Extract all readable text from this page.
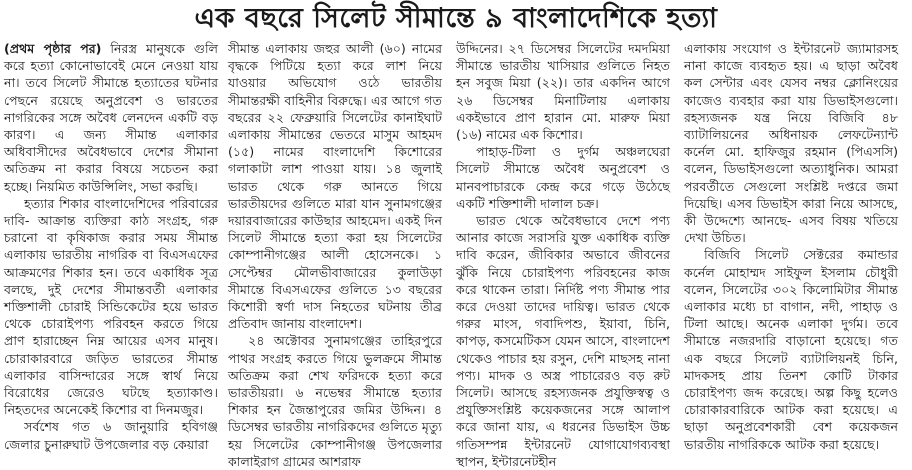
এক বছরে সিলেট সীমান্তে ৯ বাংলাদেশিকে হত্যা

(প্রথম পৃষ্ঠার পর) নিরস্ত্র মানুষকে গুলি করে হত্যা কোনোভাবেই মেনে নেওয়া যায় না। তবে সিলেট সীমান্তে হত্যাতের ঘটনার পেছনে রয়েছে অনুপ্রবেশ ও ভারতের নাগরিকের সঙ্গে অবৈধ লেনদেন একটি বড় কারণ। এ জন্য সীমান্ত এলাকার অধিবাসীদের অবৈধভাবে দেশের সীমানা অতিক্রম না করার বিষয়ে সচেতন করা হচ্ছে। নিয়মিত কাউন্সিলিং, সভা করছি।

হত্যার শিকার বাংলাদেশিদের পরিবারের দাবি- আক্রান্ত ব্যক্তিরা কাঠ সংগ্রহ, গরু চরানো বা কৃষিকাজ করার সময় সীমান্ত এলাকায় ভারতীয় নাগরিক বা বিএসএফের আক্রমণের শিকার হন। তবে একাধিক সূত্র বলছে, দুই দেশের সীমান্তবর্তী এলাকার শক্তিশালী চোরাই সিন্ডিকেটের হয়ে ভারত থেকে চোরাইপণ্য পরিবহন করতে গিয়ে প্রাণ হারাচ্ছেন নিম্ন আয়ের এসব মানুষ। চোরাকারবারে জড়িত ভারতের সীমান্ত এলাকার বাসিন্দারের সঙ্গে স্বার্থ নিয়ে বিরোধের জেরেও ঘটছে হত্যাকাণ্ড। নিহতদের অনেকেই কিশোর বা দিনমজুর।

সর্বশেষ গত ৬ জানুয়ারি হবিগঞ্জ জেলার চুনারুঘাট উপজেলার বড় কেয়ারা

সীমান্ত এলাকায় জহুর আলী (৬০) নামের বৃদ্ধকে পিটিয়ে হত্যা করে লাশ নিয়ে যাওয়ার অভিযোগ ওঠে ভারতীয় সীমান্তরক্ষী বাহিনীর বিরুদ্ধে। এর আগে গত বছরের ২২ ফেব্রুয়ারি সিলেটের কানাইঘাট এলাকায় সীমান্তের ভেতরে মাসুম আহমদ (১৫) নামের বাংলাদেশি কিশোরের গলাকাটা লাশ পাওয়া যায়। ১৪ জুলাই ভারত থেকে গরু আনতে গিয়ে ভারতীয়দের গুলিতে মারা যান সুনামগঞ্জের দয়ারবাজারের কাউছার আহমেদ। একই দিন সিলেট সীমান্তে হত্যা করা হয় সিলেটের কোম্পানীগঞ্জের আলী হোসেনকে। ১ সেপ্টেম্বর মৌলভীবাজারের কুলাউড়া সীমান্তে বিএসএফের গুলিতে ১৩ বছরের কিশোরী স্বর্ণা দাস নিহতের ঘটনায় তীব্র প্রতিবাদ জানায় বাংলাদেশ।

২৪ অক্টোবর সুনামগঞ্জের তাহিরপুরে পাথর সংগ্রহ করতে গিয়ে ভুলক্রমে সীমান্ত অতিক্রম করা শেখ ফরিদকে হত্যা করে ভারতীয়রা। ৬ নভেম্বর সীমান্তে হত্যার শিকার হন জৈন্তাপুরের জমির উদ্দিন। ৪ ডিসেম্বর ভারতীয় নাগরিকদের গুলিতে মৃত্যু হয় সিলেটের কোম্পানীগঞ্জ উপজেলার কালাইরাগ গ্রামের আশরাফ

উদ্দিনের। ২৭ ডিসেম্বর সিলেটের দমদমিয়া সীমান্তে ভারতীয় খাসিয়ার গুলিতে নিহত হন সবুজ মিয়া (২২)। তার একদিন আগে ২৬ ডিসেম্বর মিনাটিলায় এলাকায় একইভাবে প্রাণ হারান মো. মারুফ মিয়া (১৬) নামের এক কিশোর।

পাহাড়-টিলা ও দুর্গম অঞ্চলঘেরা সিলেট সীমান্তে অবৈধ অনুপ্রবেশ ও মানবপাচারকে কেন্দ্র করে গড়ে উঠেছে একটি শক্তিশালী দালাল চক্র।

ভারত থেকে অবৈধভাবে দেশে পণ্য আনার কাজে সরাসরি যুক্ত একাধিক ব্যক্তি দাবি করেন, জীবিকার অভাবে জীবনের ঝুঁকি নিয়ে চোরাইপণ্য পরিবহনের কাজ করে থাকেন তারা। নির্দিষ্ট পণ্য সীমান্ত পার করে দেওয়া তাদের দায়িত্ব। ভারত থেকে গরুর মাংস, গবাদিপশু, ইয়াবা, চিনি, কাপড়, কসমেটিকস যেমন আসে, বাংলাদেশ থেকেও পাচার হয় রসুন, দেশি মাছসহ নানা পণ্য। মাদক ও অস্ত্র পাচারেরও বড় রুট সিলেট। আসছে রহস্যজনক প্রযুক্তিস্বত্ব ও প্রযুক্তিসংশ্লিষ্ট কয়েকজনের সঙ্গে আলাপ করে জানা যায়, এ ধরনের ডিভাইস উচ্চ গতিসম্পন্ন ইন্টারনেট যোগাযোগব্যবস্থা স্থাপন, ইন্টারনেটহীন

এলাকায় সংযোগ ও ইন্টারনেট জ্যামারসহ নানা কাজে ব্যবহৃত হয়। এ ছাড়া অবৈধ কল সেন্টার এবং যেসব নম্বর ক্লোনিংয়ের কাজেও ব্যবহার করা যায় ডিভাইসগুলো। রহস্যজনক যন্ত্র নিয়ে বিজিবি ৪৮ ব্যাটালিয়নের অধিনায়ক লেফটেন্যান্ট কর্নেল মো. হাফিজুর রহমান (পিএসসি) বলেন, ডিভাইসগুলো অত্যাধুনিক। আমরা পরবর্তীতে সেগুলো সংশ্লিষ্ট দপ্তরে জমা দিয়েছি। এসব ডিভাইস কারা নিয়ে আসছে, কী উদ্দেশ্যে আনছে- এসব বিষয় খতিয়ে দেখা উচিত।

বিজিবি সিলেট সেক্টরের কমান্ডার কর্নেল মোহাম্মদ সাইফুল ইসলাম চৌধুরী বলেন, সিলেটের ৩০২ কিলোমিটার সীমান্ত এলাকার মধ্যে চা বাগান, নদী, পাহাড় ও টিলা আছে। অনেক এলাকা দুর্গম। তবে সীমান্তে নজরদারি বাড়ানো হয়েছে। গত এক বছরে সিলেট ব্যাটালিয়নই চিনি, মাদকসহ প্রায় তিনশ কোটি টাকার চোরাইপণ্য জব্দ করেছে। অল্প কিছু হলেও চোরাকারবারিকে আটক করা হয়েছে। এ ছাড়া অনুপ্রবেশকারী বেশ কয়েকজন ভারতীয় নাগরিককে আটক করা হয়েছে।
